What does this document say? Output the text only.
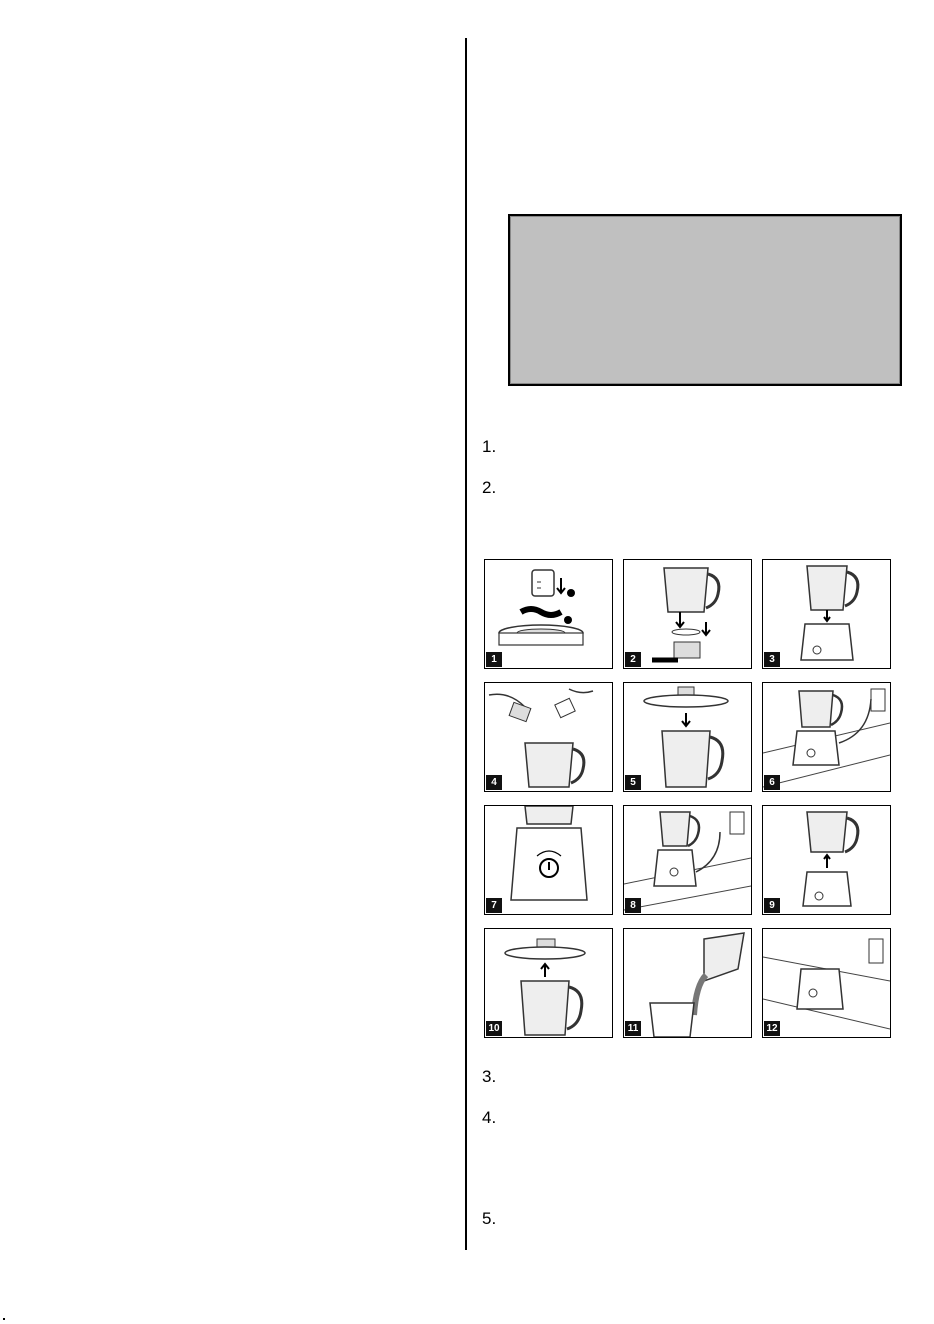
1.
2.
1	2	3
4	5	6
7	8	9
10	11	12
3.
4.
5.
